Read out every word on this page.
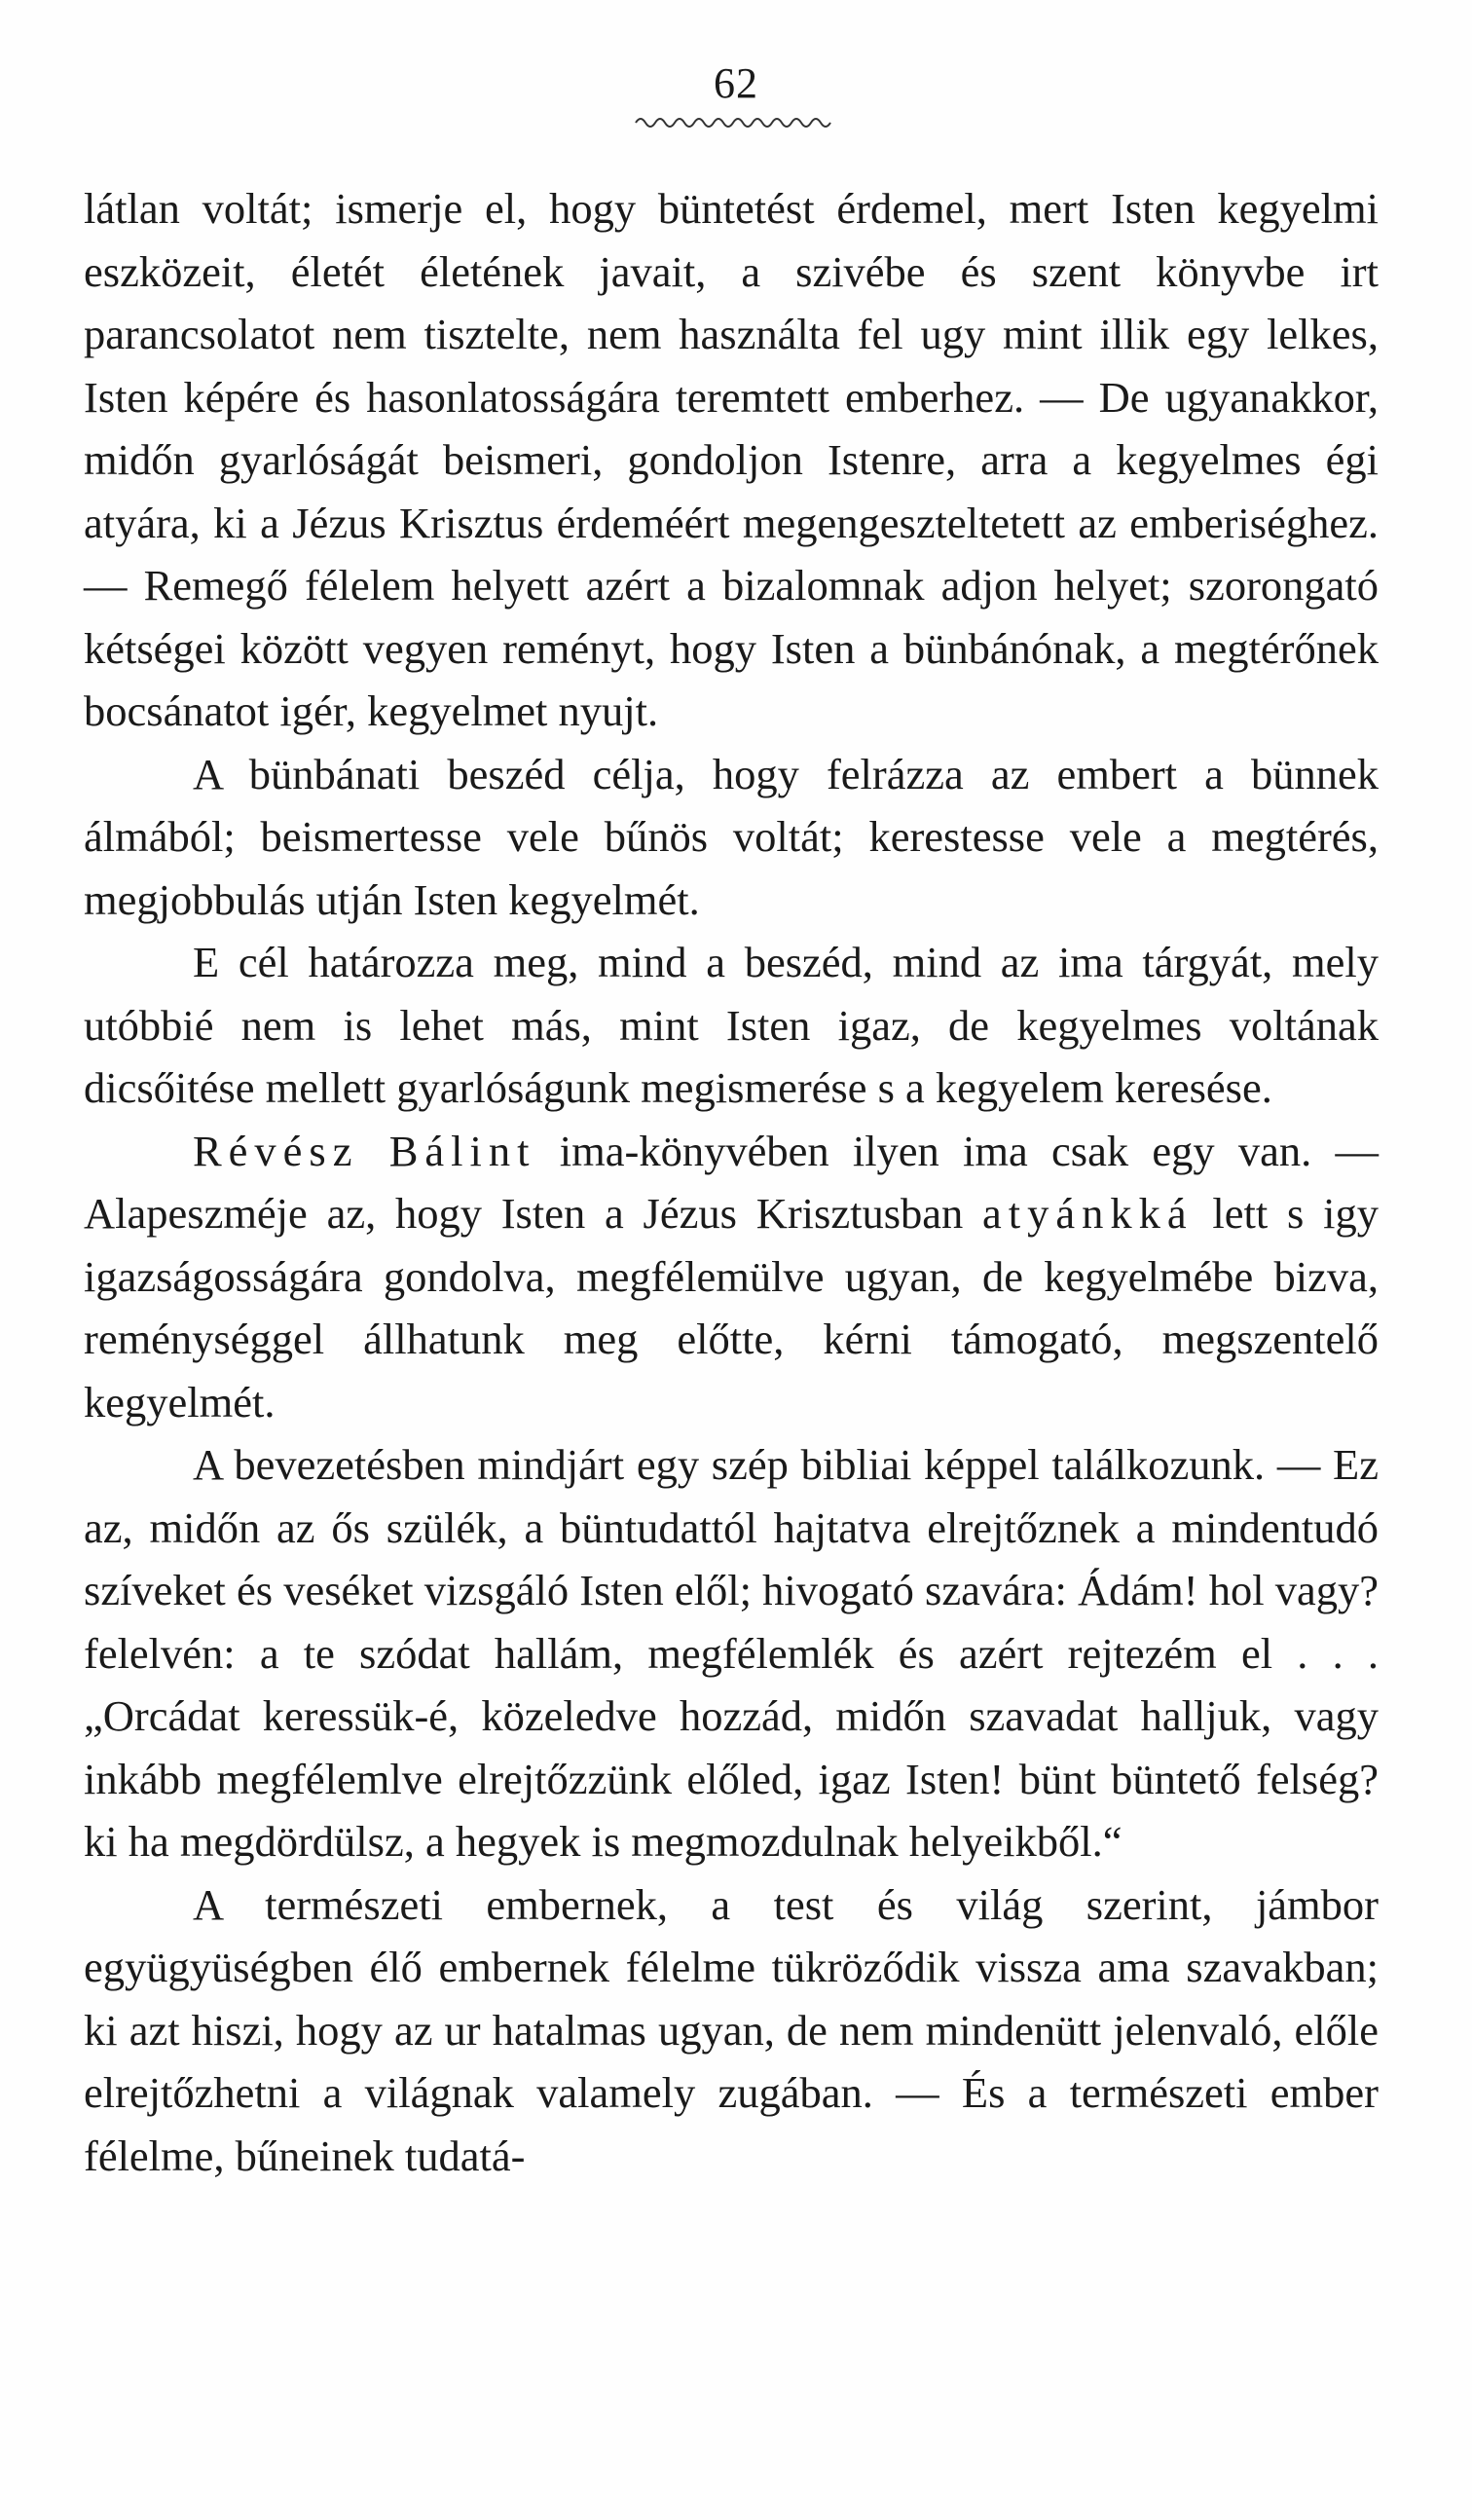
62

látlan voltát; ismerje el, hogy büntetést érdemel, mert Isten kegyelmi eszközeit, életét életének javait, a szivébe és szent könyvbe irt parancsolatot nem tisztelte, nem használta fel ugy mint illik egy lelkes, Isten képére és hasonlatosságára teremtett emberhez. — De ugyanakkor, midőn gyarlóságát beismeri, gondoljon Istenre, arra a kegyelmes égi atyára, ki a Jézus Krisztus érdeméért megengeszteltetett az emberiséghez. — Remegő félelem helyett azért a bizalomnak adjon helyet; szorongató kétségei között vegyen reményt, hogy Isten a bünbánónak, a megtérőnek bocsánatot igér, kegyelmet nyujt.

A bünbánati beszéd célja, hogy felrázza az embert a bünnek álmából; beismertesse vele bűnös voltát; kerestesse vele a megtérés, megjobbulás utján Isten kegyelmét.

E cél határozza meg, mind a beszéd, mind az ima tárgyát, mely utóbbié nem is lehet más, mint Isten igaz, de kegyelmes voltának dicsőitése mellett gyarlóságunk megismerése s a kegyelem keresése.

Révész Bálint ima-könyvében ilyen ima csak egy van. — Alapeszméje az, hogy Isten a Jézus Krisztusban atyánkká lett s igy igazságosságára gondolva, megfélemülve ugyan, de kegyelmébe bizva, reménységgel állhatunk meg előtte, kérni támogató, megszentelő kegyelmét.

A bevezetésben mindjárt egy szép bibliai képpel találkozunk. — Ez az, midőn az ős szülék, a büntudattól hajtatva elrejtőznek a mindentudó szíveket és veséket vizsgáló Isten elől; hivogató szavára: Ádám! hol vagy? felelvén: a te szódat hallám, megfélemlék és azért rejtezém el . . . „Orcádat keressük-é, közeledve hozzád, midőn szavadat halljuk, vagy inkább megfélemlve elrejtőzzünk előled, igaz Isten! bünt büntető felség? ki ha megdördülsz, a hegyek is megmozdulnak helyeikből.“

A természeti embernek, a test és világ szerint, jámbor együgyüségben élő embernek félelme tükröződik vissza ama szavakban; ki azt hiszi, hogy az ur hatalmas ugyan, de nem mindenütt jelenvaló, előle elrejtőzhetni a világnak valamely zugában. — És a természeti ember félelme, bűneinek tudatá-
